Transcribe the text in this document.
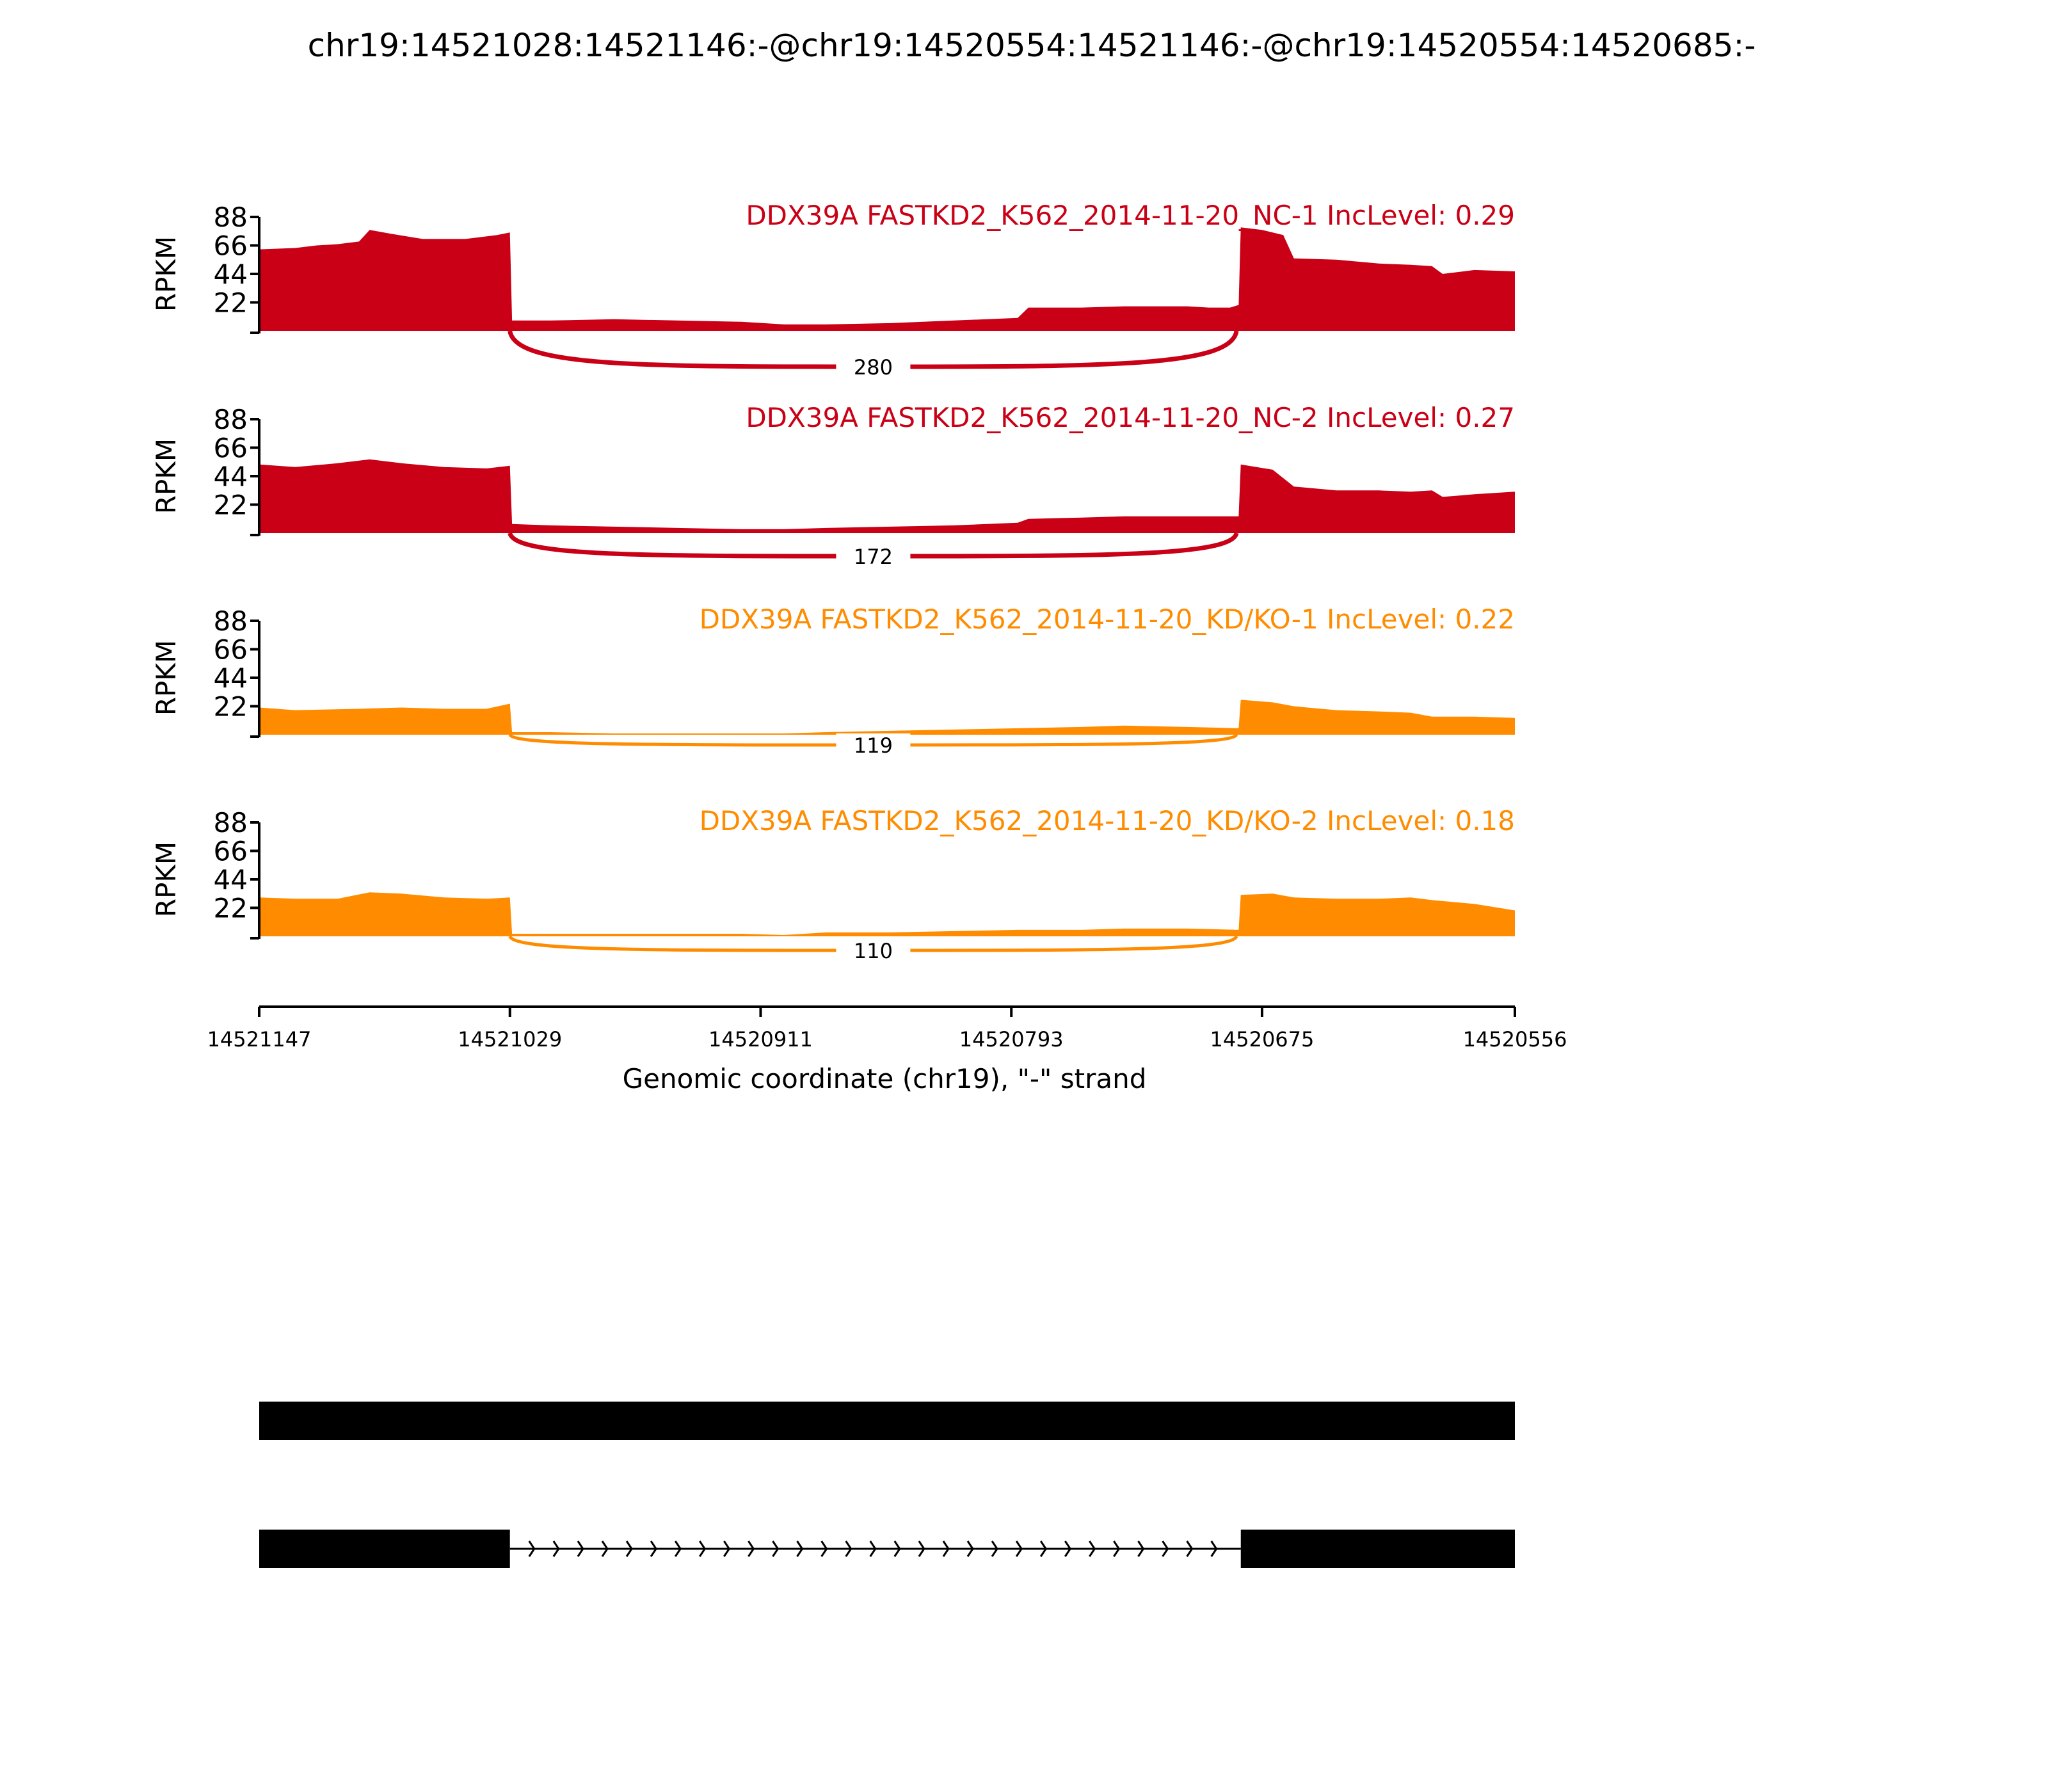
chr19:14521028:14521146:-@chr19:14520554:14521146:-@chr19:14520554:14520685:-
88
66
44
22
RPKM
DDX39A FASTKD2_K562_2014-11-20_NC-1 IncLevel: 0.29
280
88
66
44
22
RPKM
DDX39A FASTKD2_K562_2014-11-20_NC-2 IncLevel: 0.27
172
88
66
44
22
RPKM
DDX39A FASTKD2_K562_2014-11-20_KD/KO-1 IncLevel: 0.22
119
88
66
44
22
RPKM
DDX39A FASTKD2_K562_2014-11-20_KD/KO-2 IncLevel: 0.18
110
14521147	14521029	14520911	14520793	14520675	14520556
Genomic coordinate (chr19), "-" strand
